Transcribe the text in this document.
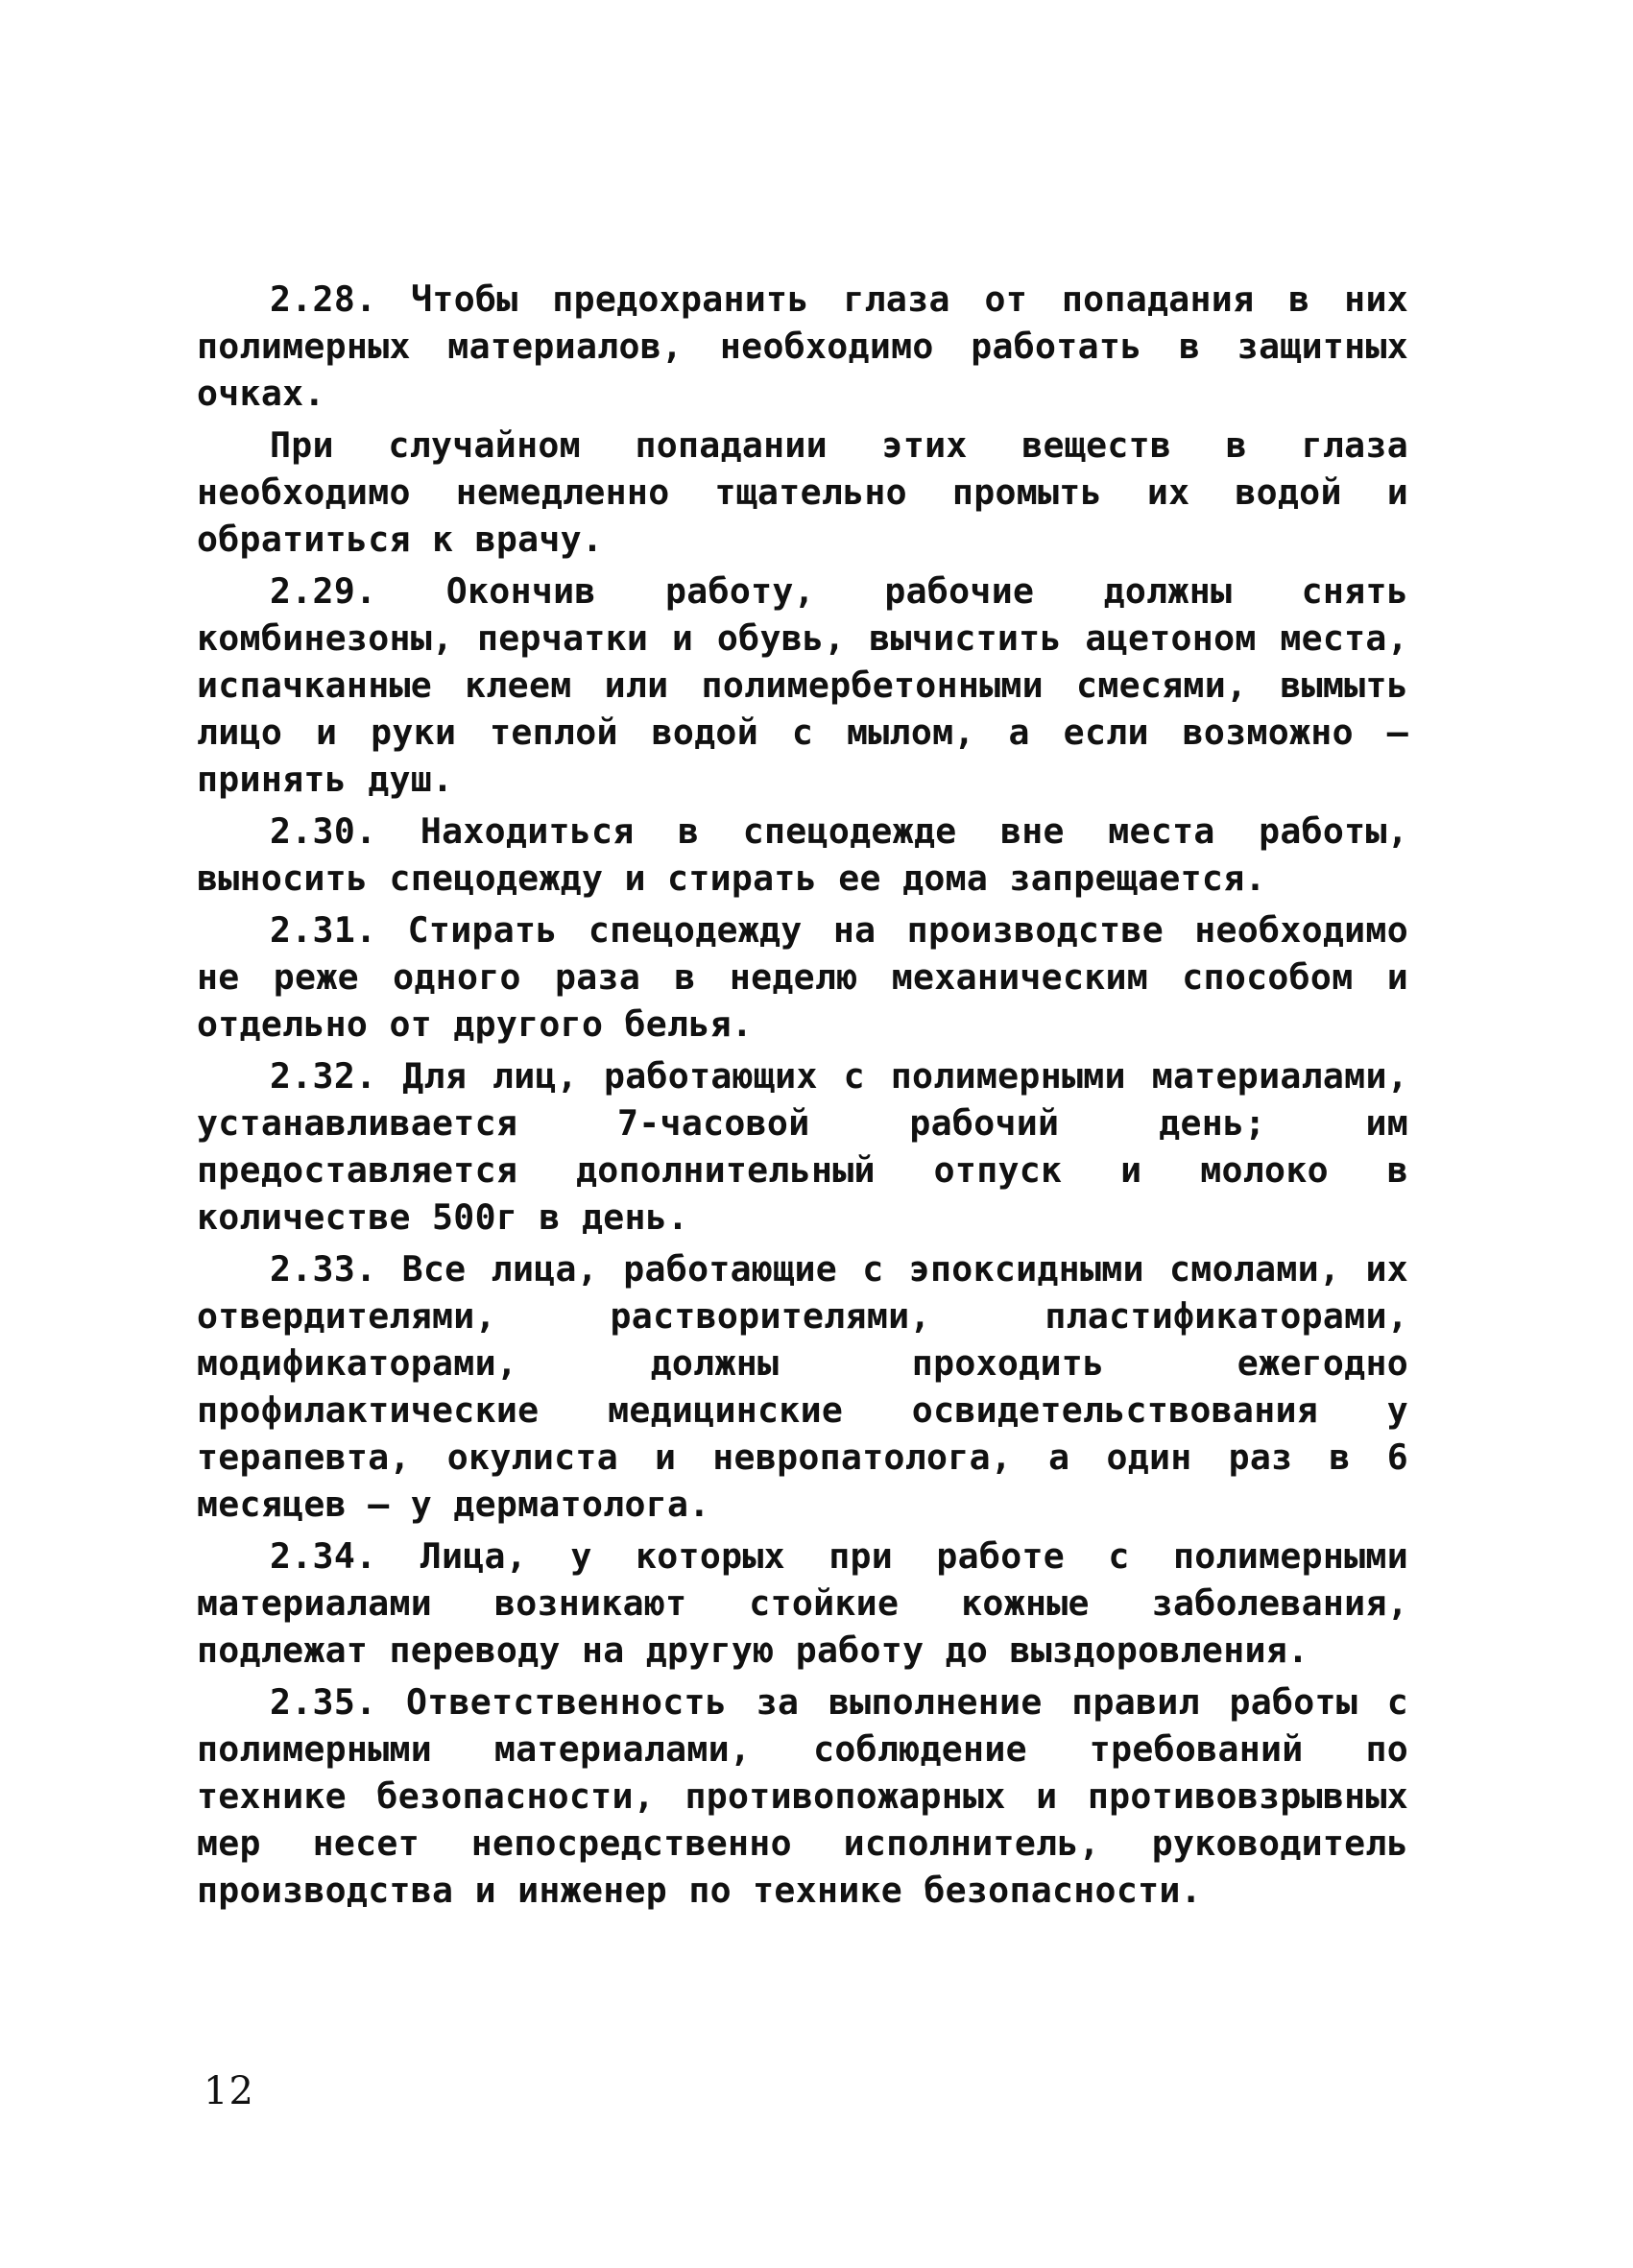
2.28. Чтобы предохранить глаза от попадания в них полимерных материалов, необходимо работать в защитных очках.

При случайном попадании этих веществ в глаза необходимо немедленно тщательно промыть их водой и обратиться к врачу.

2.29. Окончив работу, рабочие должны снять комбинезоны, перчатки и обувь, вычистить ацетоном места, испачканные клеем или полимербетонными смесями, вымыть лицо и руки теплой водой с мылом, а если возможно – принять душ.

2.30. Находиться в спецодежде вне места работы, выносить спецодежду и стирать ее дома запрещается.

2.31. Стирать спецодежду на производстве необходимо не реже одного раза в неделю механическим способом и отдельно от другого белья.

2.32. Для лиц, работающих с полимерными материалами, устанавливается 7-часовой рабочий день; им предоставляется дополнительный отпуск и молоко в количестве 500г в день.

2.33. Все лица, работающие с эпоксидными смолами, их отвердителями, растворителями, пластификаторами, модификаторами, должны проходить ежегодно профилактические медицинские освидетельствования у терапевта, окулиста и невропатолога, а один раз в 6 месяцев – у дерматолога.

2.34. Лица, у которых при работе с полимерными материалами возникают стойкие кожные заболевания, подлежат переводу на другую работу до выздоровления.

2.35. Ответственность за выполнение правил работы с полимерными материалами, соблюдение требований по технике безопасности, противопожарных и противовзрывных мер несет непосредственно исполнитель, руководитель производства и инженер по технике безопасности.

12
